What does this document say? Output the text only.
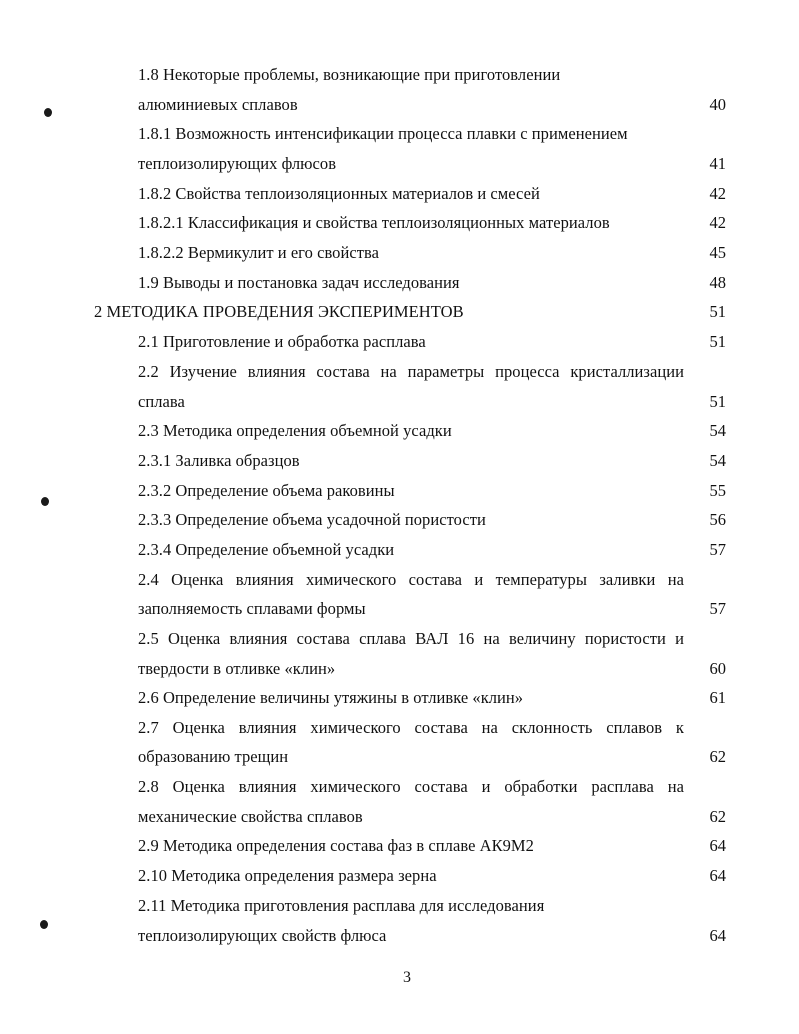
1.8 Некоторые проблемы, возникающие при приготовлении
алюминиевых сплавов	40
1.8.1 Возможность интенсификации процесса плавки с применением
теплоизолирующих флюсов	41
1.8.2 Свойства теплоизоляционных материалов и смесей	42
1.8.2.1 Классификация и свойства теплоизоляционных материалов	42
1.8.2.2 Вермикулит и его свойства	45
1.9 Выводы и постановка задач исследования	48
2 МЕТОДИКА ПРОВЕДЕНИЯ ЭКСПЕРИМЕНТОВ	51
2.1 Приготовление и обработка расплава	51
2.2 Изучение влияния состава на параметры процесса кристаллизации
сплава	51
2.3 Методика определения объемной усадки	54
2.3.1 Заливка образцов	54
2.3.2 Определение объема раковины	55
2.3.3 Определение объема усадочной пористости	56
2.3.4 Определение объемной усадки	57
2.4 Оценка влияния химического состава и температуры заливки на
заполняемость сплавами формы	57
2.5 Оценка влияния состава сплава ВАЛ 16 на величину пористости и
твердости в отливке «клин»	60
2.6 Определение величины утяжины в отливке «клин»	61
2.7 Оценка влияния химического состава на склонность сплавов к
образованию трещин	62
2.8 Оценка влияния химического состава и обработки расплава на
механические свойства сплавов	62
2.9 Методика определения состава фаз в сплаве АК9М2	64
2.10 Методика определения размера зерна	64
2.11 Методика приготовления расплава для исследования
теплоизолирующих свойств флюса	64
3
